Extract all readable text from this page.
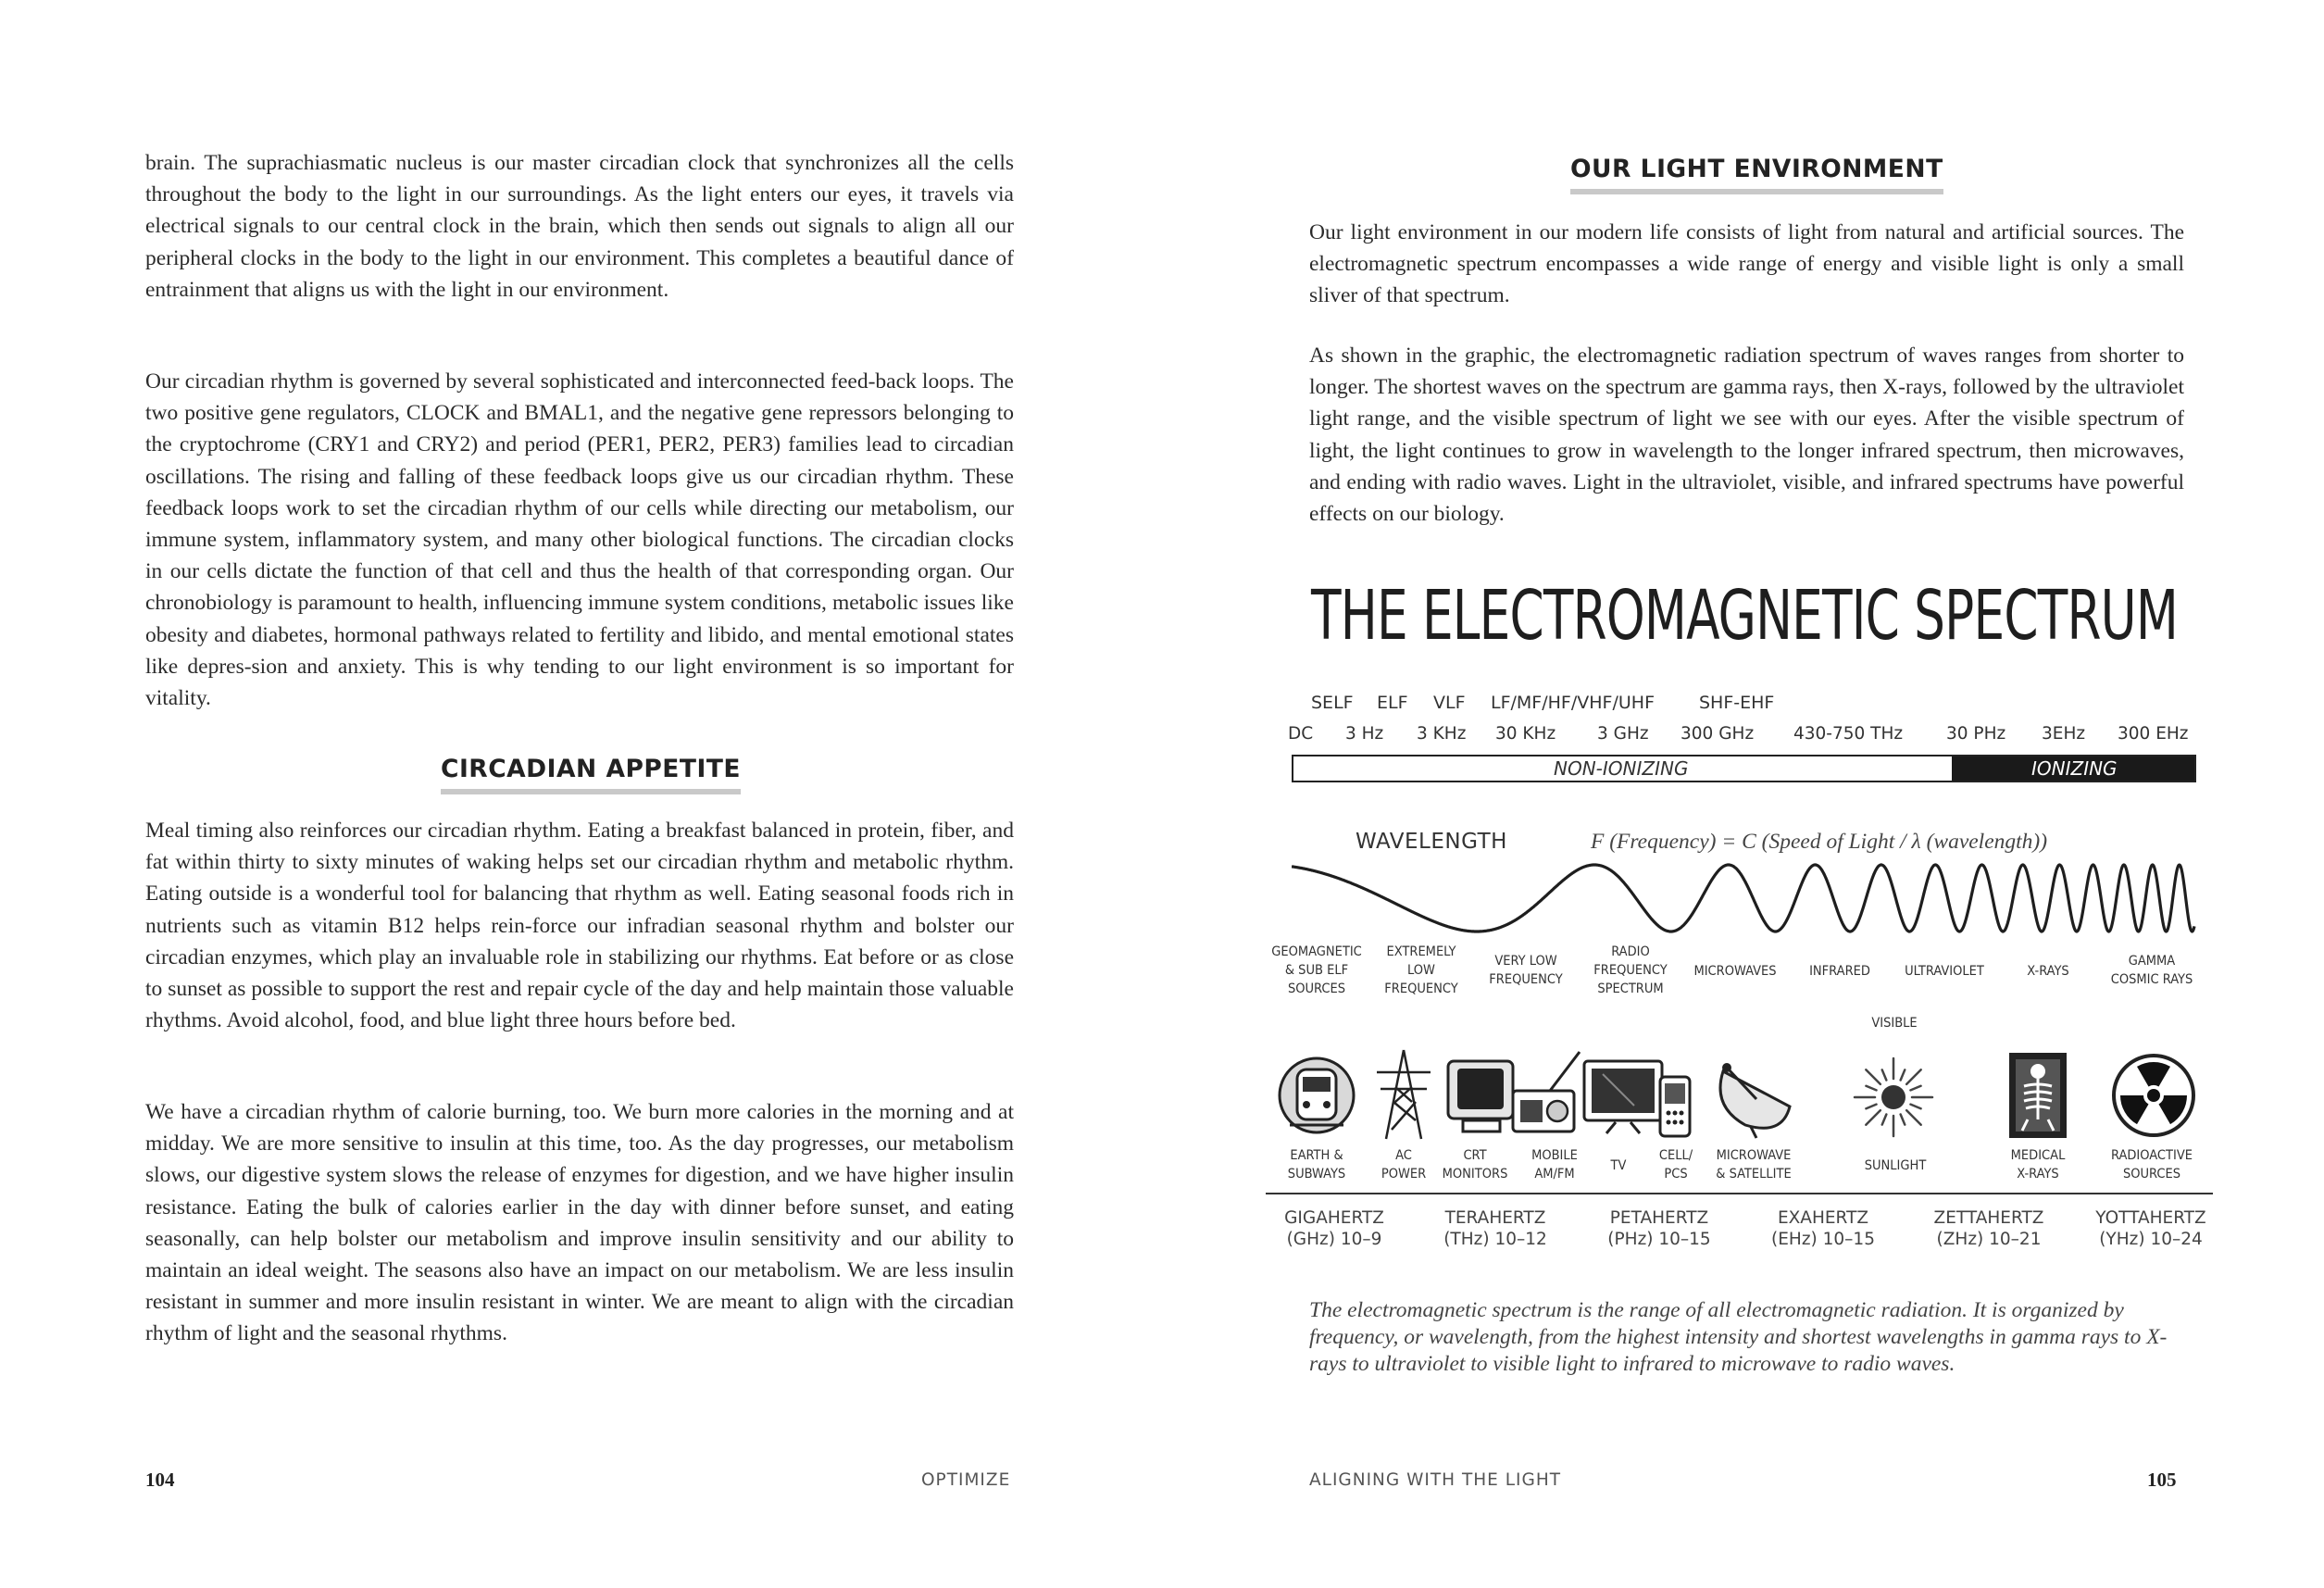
brain. The suprachiasmatic nucleus is our master circadian clock that synchronizes all the cells throughout the body to the light in our surroundings. As the light enters our eyes, it travels via electrical signals to our central clock in the brain, which then sends out signals to align all our peripheral clocks in the body to the light in our environment. This completes a beautiful dance of entrainment that aligns us with the light in our environment.

Our circadian rhythm is governed by several sophisticated and interconnected feed-back loops. The two positive gene regulators, CLOCK and BMAL1, and the negative gene repressors belonging to the cryptochrome (CRY1 and CRY2) and period (PER1, PER2, PER3) families lead to circadian oscillations. The rising and falling of these feedback loops give us our circadian rhythm. These feedback loops work to set the circadian rhythm of our cells while directing our metabolism, our immune system, inflammatory system, and many other biological functions. The circadian clocks in our cells dictate the function of that cell and thus the health of that corresponding organ. Our chronobiology is paramount to health, influencing immune system conditions, metabolic issues like obesity and diabetes, hormonal pathways related to fertility and libido, and mental emotional states like depres-sion and anxiety. This is why tending to our light environment is so important for vitality.

CIRCADIAN APPETITE

Meal timing also reinforces our circadian rhythm. Eating a breakfast balanced in protein, fiber, and fat within thirty to sixty minutes of waking helps set our circadian rhythm and metabolic rhythm. Eating outside is a wonderful tool for balancing that rhythm as well. Eating seasonal foods rich in nutrients such as vitamin B12 helps rein-force our infradian seasonal rhythm and bolster our circadian enzymes, which play an invaluable role in stabilizing our rhythms. Eat before or as close to sunset as possible to support the rest and repair cycle of the day and help maintain those valuable rhythms. Avoid alcohol, food, and blue light three hours before bed.

We have a circadian rhythm of calorie burning, too. We burn more calories in the morning and at midday. We are more sensitive to insulin at this time, too. As the day progresses, our metabolism slows, our digestive system slows the release of enzymes for digestion, and we have higher insulin resistance. Eating the bulk of calories earlier in the day with dinner before sunset, and eating seasonally, can help bolster our metabolism and improve insulin sensitivity and our ability to maintain an ideal weight. The seasons also have an impact on our metabolism. We are less insulin resistant in summer and more insulin resistant in winter. We are meant to align with the circadian rhythm of light and the seasonal rhythms.

104	OPTIMIZE
OUR LIGHT ENVIRONMENT

Our light environment in our modern life consists of light from natural and artificial sources. The electromagnetic spectrum encompasses a wide range of energy and visible light is only a small sliver of that spectrum.

As shown in the graphic, the electromagnetic radiation spectrum of waves ranges from shorter to longer. The shortest waves on the spectrum are gamma rays, then X-rays, followed by the ultraviolet light range, and the visible spectrum of light we see with our eyes. After the visible spectrum of light, the light continues to grow in wavelength to the longer infrared spectrum, then microwaves, and ending with radio waves. Light in the ultraviolet, visible, and infrared spectrums have powerful effects on our biology.

THE ELECTROMAGNETIC SPECTRUM
SELF ELF VLF LF/MF/HF/VHF/UHF	SHF-EHF
DC 3 Hz 3 KHz 30 KHz 3 GHz 300 GHz 430-750 THz	30 PHz 3EHz 300 EHz
NON-IONIZING	IONIZING
WAVELENGTH	F (Frequency) = C (Speed of Light / λ (wavelength))
GEOMAGNETIC
& SUB ELF
SOURCES
EXTREMELY
LOW
FREQUENCY
VERY LOW
FREQUENCY
RADIO
FREQUENCY
SPECTRUM
MICROWAVES INFRARED	ULTRAVIOLET	X-RAYS
GAMMA
COSMIC RAYS
VISIBLE
EARTH &
SUBWAYS
AC
POWER
CRT
MONITORS
MOBILE
AM/FM
TV
CELL/
PCS
MICROWAVE
& SATELLITE
SUNLIGHT
MEDICAL
X-RAYS
RADIOACTIVE
SOURCES
GIGAHERTZ
(GHz) 10–9
TERAHERTZ
(THz) 10–12
PETAHERTZ
(PHz) 10–15
EXAHERTZ
(EHz) 10–15
ZETTAHERTZ
(ZHz) 10–21
YOTTAHERTZ
(YHz) 10–24

The electromagnetic spectrum is the range of all electromagnetic radiation. It is organized by frequency, or wavelength, from the highest intensity and shortest wavelengths in gamma rays to X-rays to ultraviolet to visible light to infrared to microwave to radio waves.

ALIGNING WITH THE LIGHT	105
